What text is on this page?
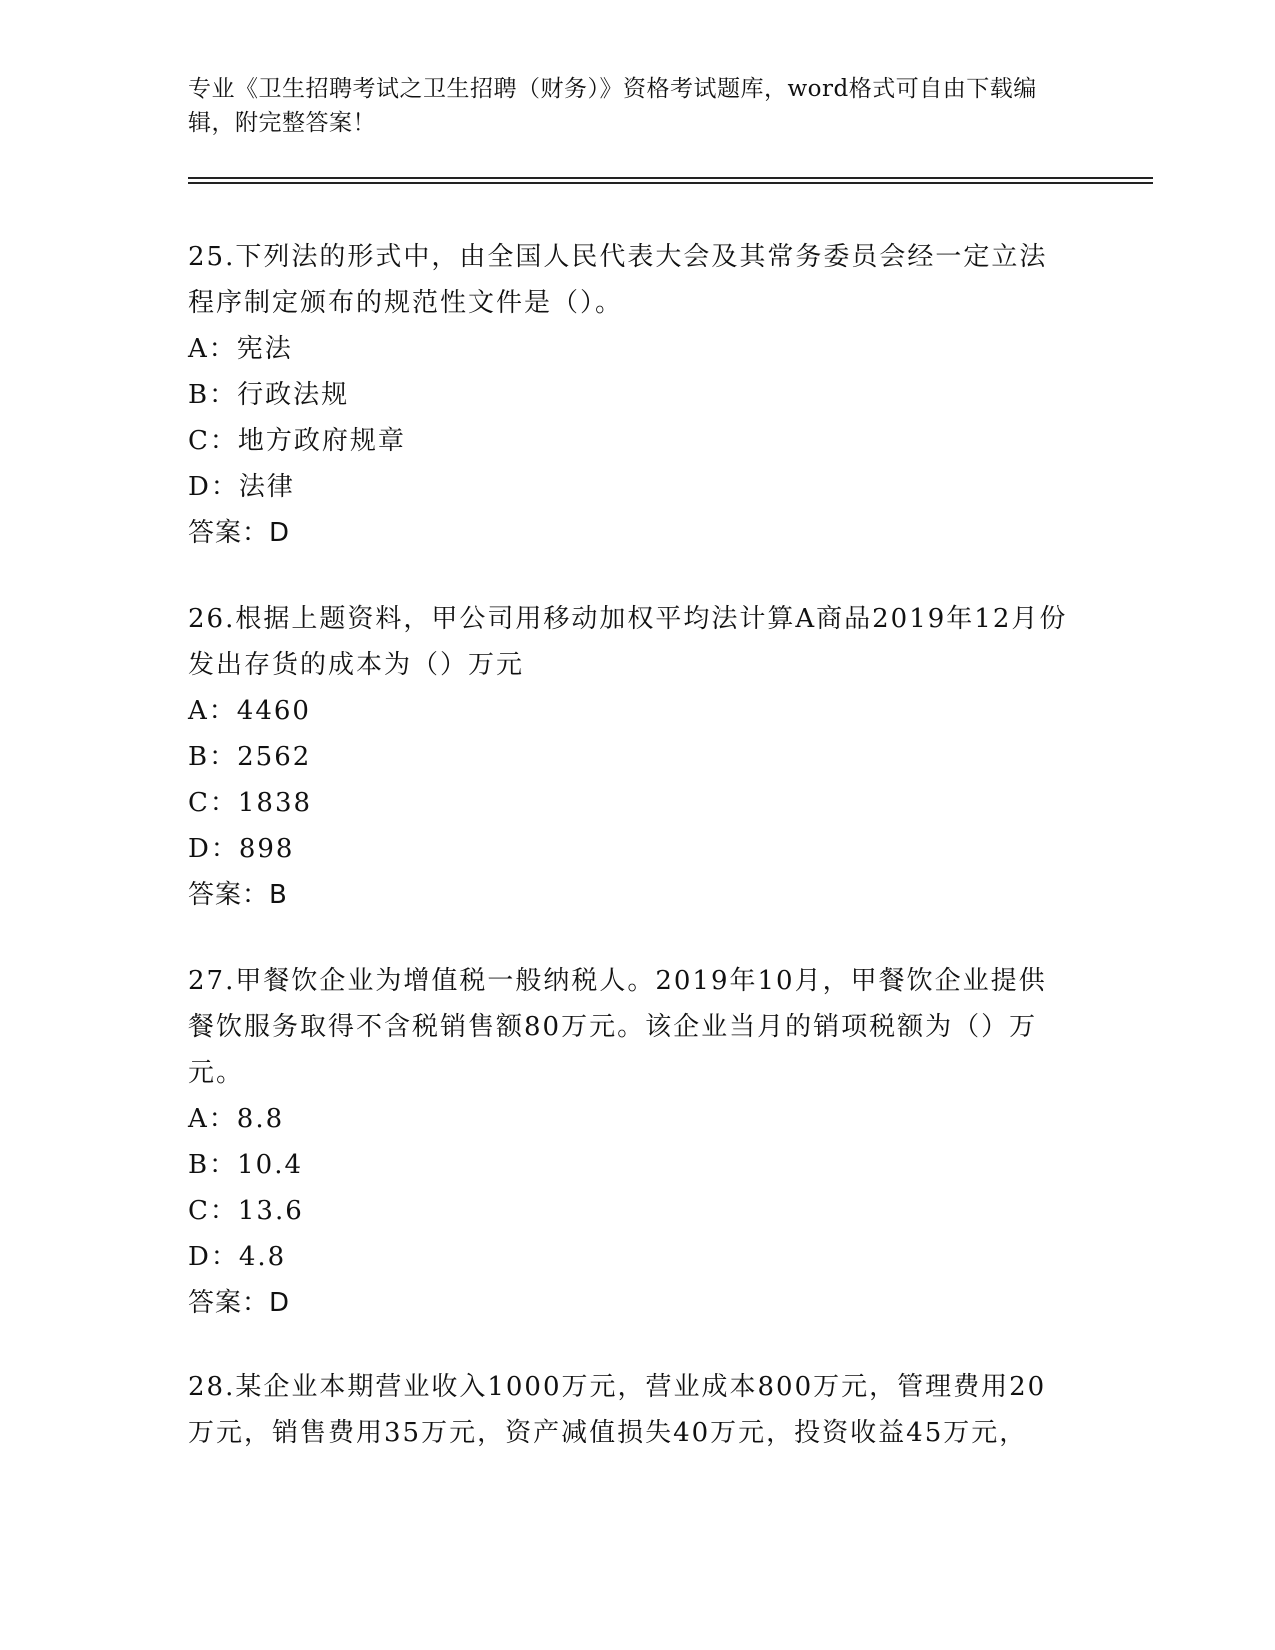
专业《卫生招聘考试之卫生招聘（财务）》资格考试题库，word格式可自由下载编辑，附完整答案！
25.下列法的形式中，由全国人民代表大会及其常务委员会经一定立法程序制定颁布的规范性文件是（）。
A：宪法
B：行政法规
C：地方政府规章
D：法律
答案：D
26.根据上题资料，甲公司用移动加权平均法计算A商品2019年12月份发出存货的成本为（）万元
A：4460
B：2562
C：1838
D：898
答案：B
27.甲餐饮企业为增值税一般纳税人。2019年10月，甲餐饮企业提供餐饮服务取得不含税销售额80万元。该企业当月的销项税额为（）万元。
A：8.8
B：10.4
C：13.6
D：4.8
答案：D
28.某企业本期营业收入1000万元，营业成本800万元，管理费用20万元，销售费用35万元，资产减值损失40万元，投资收益45万元，
